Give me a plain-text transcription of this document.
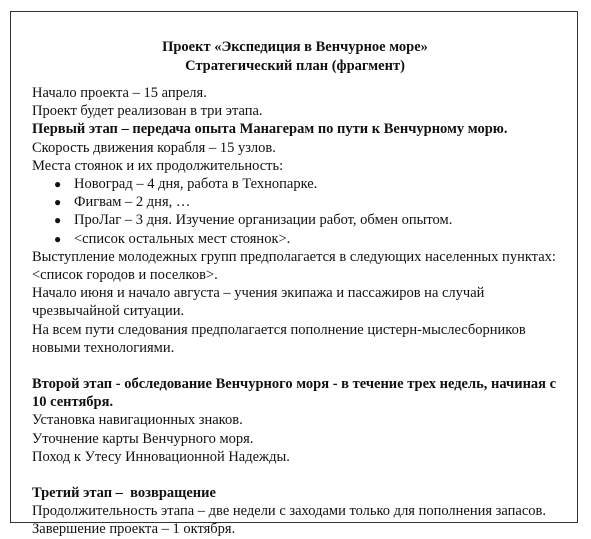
Проект «Экспедиция в Венчурное море»
Стратегический план (фрагмент)

Начало проекта – 15 апреля.

Проект будет реализован в три этапа.

Первый этап – передача опыта Манагерам по пути к Венчурному морю.

Скорость движения корабля – 15 узлов.

Места стоянок и их продолжительность:

● Новоград – 4 дня, работа в Технопарке.
● Фигвам – 2 дня, …
● ПроЛаг – 3 дня. Изучение организации работ, обмен опытом.
● <список остальных мест стоянок>.

Выступление молодежных групп предполагается в следующих населенных пунктах: <список городов и поселков>.

Начало июня и начало августа – учения экипажа и пассажиров на случай чрезвычайной ситуации.

На всем пути следования предполагается пополнение цистерн-мыслесборников новыми технологиями.

Второй этап - обследование Венчурного моря - в течение трех недель, начиная с 10 сентября.

Установка навигационных знаков.

Уточнение карты Венчурного моря.

Поход к Утесу Инновационной Надежды.

Третий этап –  возвращение

Продолжительность этапа – две недели с заходами только для пополнения запасов.

Завершение проекта – 1 октября.
